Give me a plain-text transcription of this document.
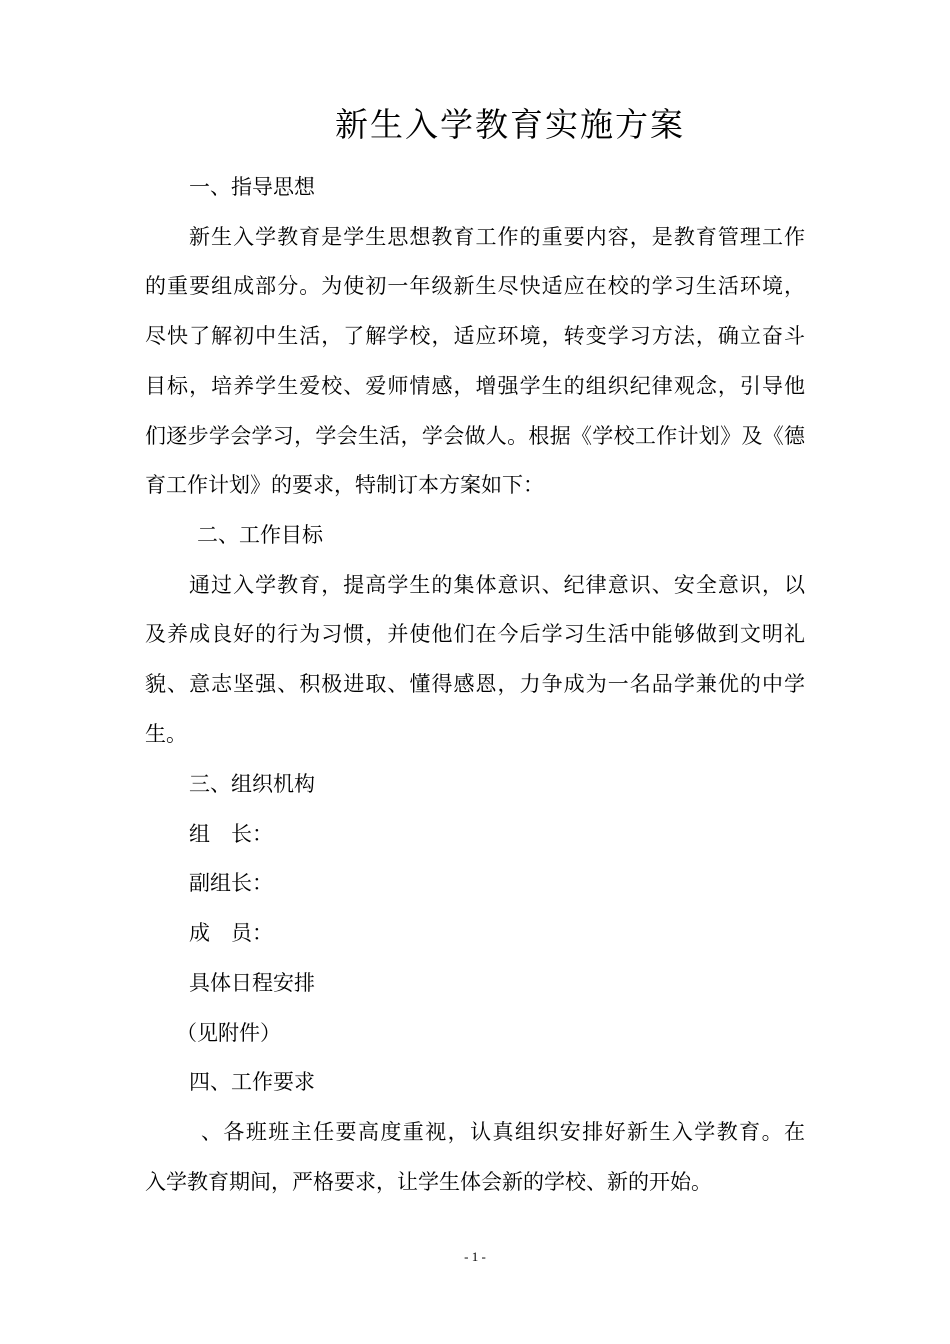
新生入学教育实施方案

一、指导思想

新生入学教育是学生思想教育工作的重要内容，是教育管理工作

的重要组成部分。为使初一年级新生尽快适应在校的学习生活环境，

尽快了解初中生活，了解学校，适应环境，转变学习方法，确立奋斗

目标，培养学生爱校、爱师情感，增强学生的组织纪律观念，引导他

们逐步学会学习，学会生活，学会做人。根据《学校工作计划》及《德

育工作计划》的要求，特制订本方案如下：

二、工作目标

通过入学教育，提高学生的集体意识、纪律意识、安全意识，以

及养成良好的行为习惯，并使他们在今后学习生活中能够做到文明礼

貌、意志坚强、积极进取、懂得感恩，力争成为一名品学兼优的中学

生。

三、组织机构

组　长：

副组长：

成　员：

具体日程安排

（见附件）

四、工作要求

、各班班主任要高度重视，认真组织安排好新生入学教育。在

入学教育期间，严格要求，让学生体会新的学校、新的开始。

- 1 -
